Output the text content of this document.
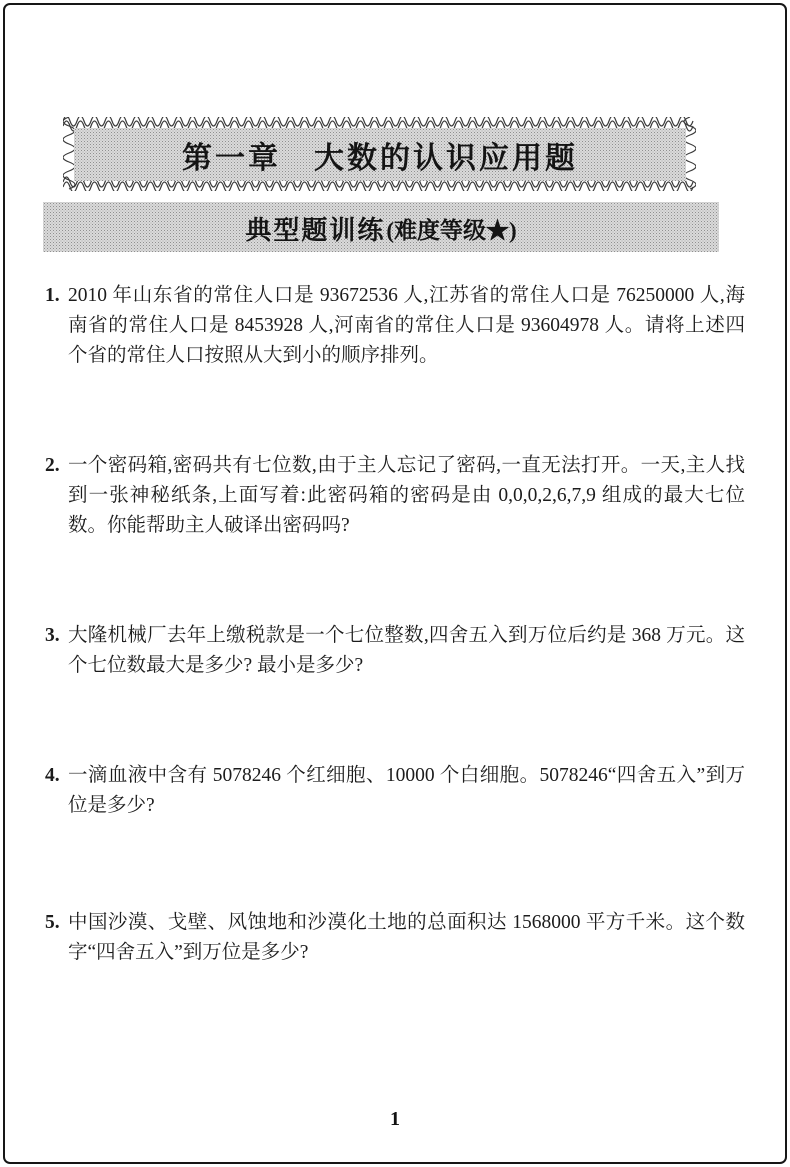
第一章　大数的认识应用题
典型题训练 (难度等级★)
1. 2010 年山东省的常住人口是 93672536 人,江苏省的常住人口是 76250000 人,海南省的常住人口是 8453928 人,河南省的常住人口是 93604978 人。请将上述四个省的常住人口按照从大到小的顺序排列。

2. 一个密码箱,密码共有七位数,由于主人忘记了密码,一直无法打开。一天,主人找到一张神秘纸条,上面写着:此密码箱的密码是由 0,0,0,2,6,7,9 组成的最大七位数。你能帮助主人破译出密码吗?

3. 大隆机械厂去年上缴税款是一个七位整数,四舍五入到万位后约是 368 万元。这个七位数最大是多少? 最小是多少?

4. 一滴血液中含有 5078246 个红细胞、10000 个白细胞。5078246“四舍五入”到万位是多少?

5. 中国沙漠、戈壁、风蚀地和沙漠化土地的总面积达 1568000 平方千米。这个数字“四舍五入”到万位是多少?

1
